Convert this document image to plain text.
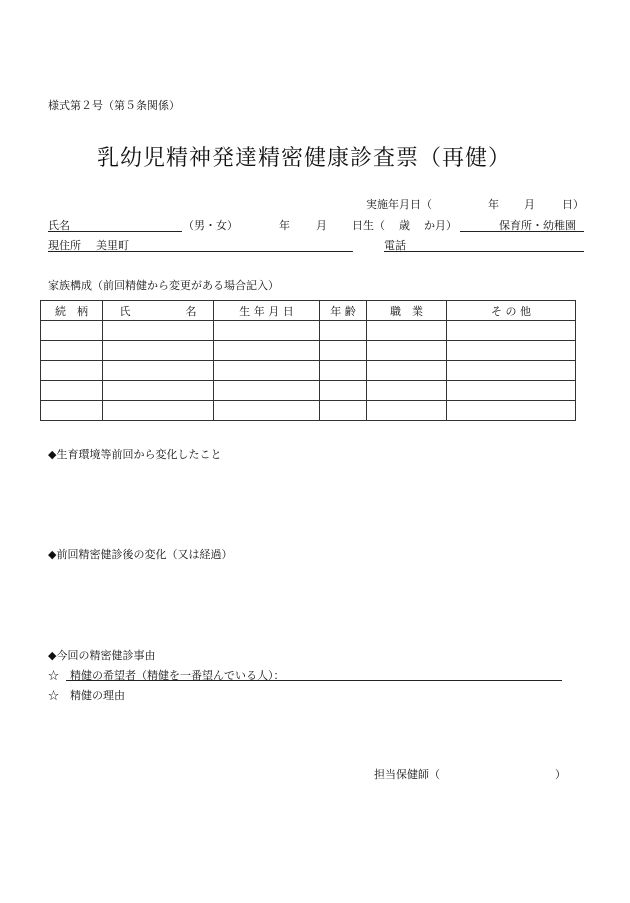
様式第２号（第５条関係）
乳幼児精神発達精密健康診査票（再健）
実施年月日（	年 月 日）
氏名	（男・女）	年 月 日生（ 歳 か月）	保育所・幼稚園
現住所 美里町	電話
家族構成（前回精健から変更がある場合記入）
続　柄	氏　　　　　名	生 年 月 日	年 齢	職　業	そ の 他

◆生育環境等前回から変化したこと
◆前回精密健診後の変化（又は経過）
◆今回の精密健診事由
☆　精健の希望者（精健を一番望んでいる人）：
☆　精健の理由
担当保健師（	）
